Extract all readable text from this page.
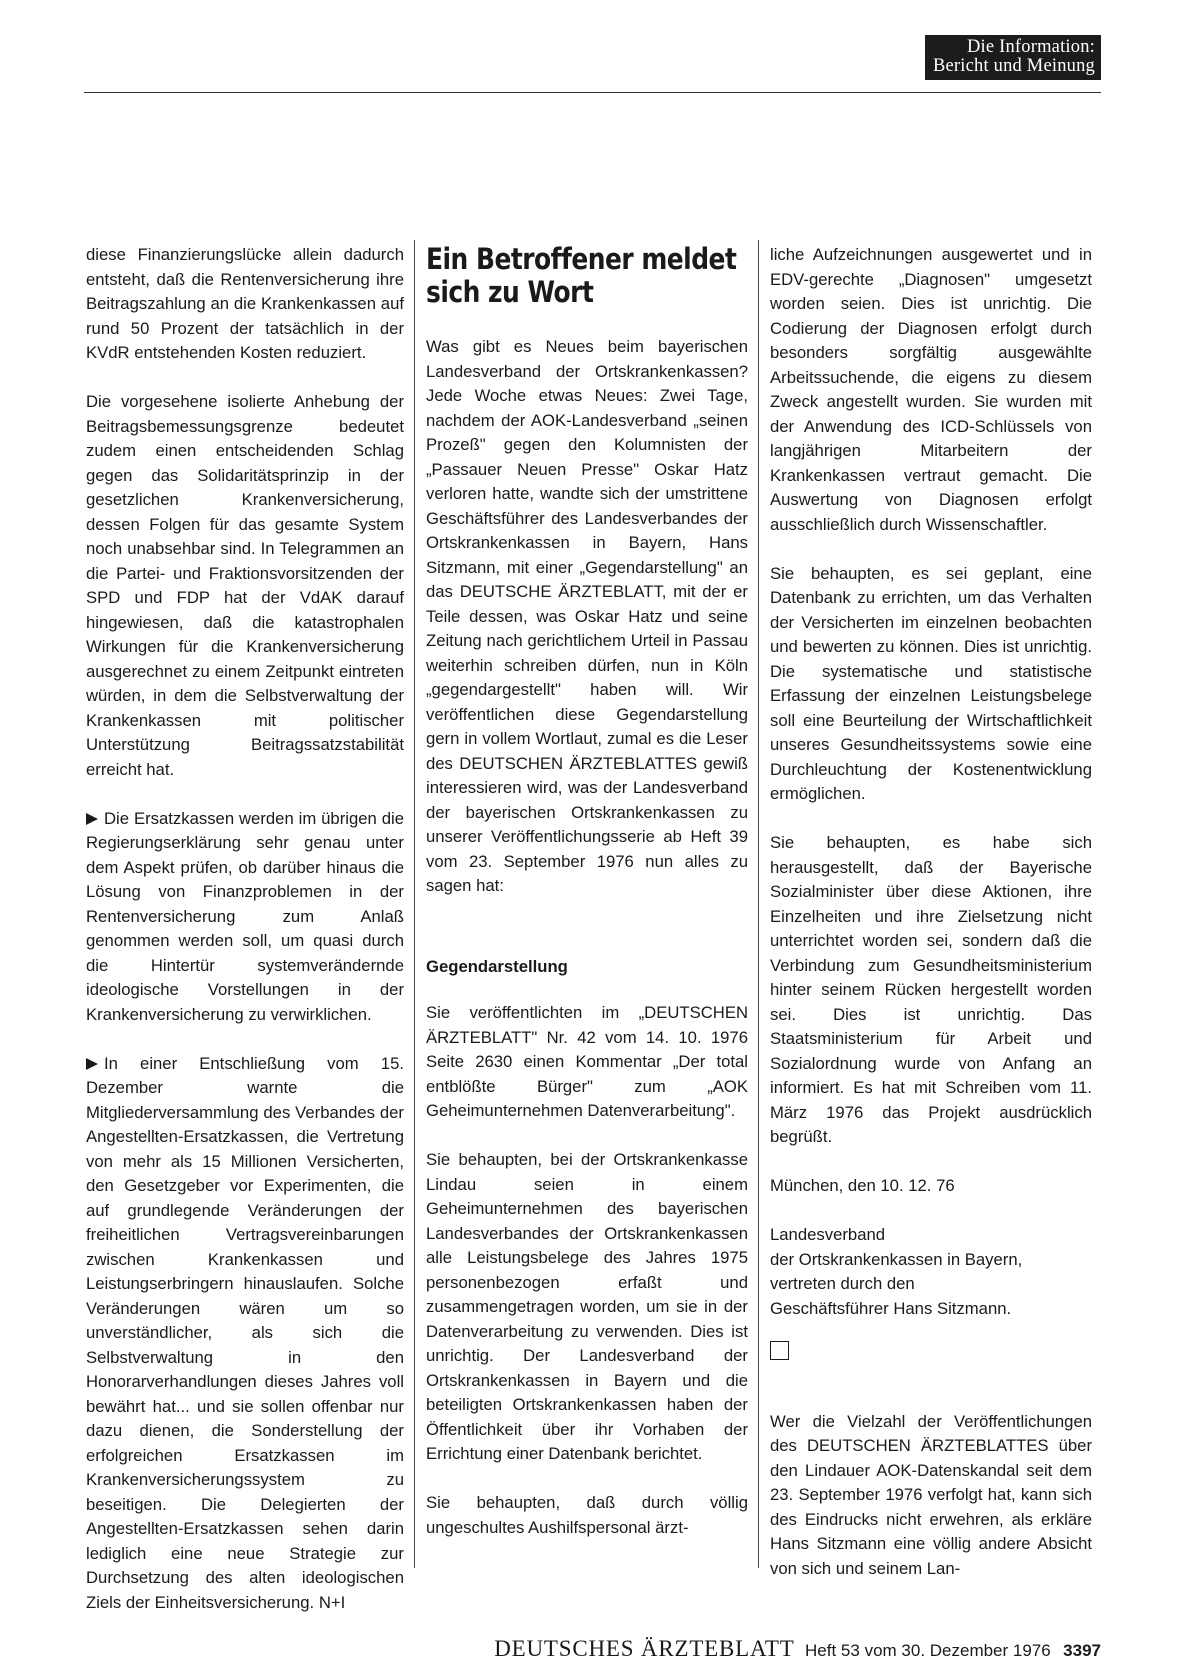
Die Information:
Bericht und Meinung

diese Finanzierungslücke allein dadurch entsteht, daß die Rentenversicherung ihre Beitragszahlung an die Krankenkassen auf rund 50 Prozent der tatsächlich in der KVdR entstehenden Kosten reduziert.

Die vorgesehene isolierte Anhebung der Beitragsbemessungsgrenze bedeutet zudem einen entscheidenden Schlag gegen das Solidaritätsprinzip in der gesetzlichen Krankenversicherung, dessen Folgen für das gesamte System noch unabsehbar sind. In Telegrammen an die Partei- und Fraktionsvorsitzenden der SPD und FDP hat der VdAK darauf hingewiesen, daß die katastrophalen Wirkungen für die Krankenversicherung ausgerechnet zu einem Zeitpunkt eintreten würden, in dem die Selbstverwaltung der Krankenkassen mit politischer Unterstützung Beitragssatzstabilität erreicht hat.

Die Ersatzkassen werden im übrigen die Regierungserklärung sehr genau unter dem Aspekt prüfen, ob darüber hinaus die Lösung von Finanzproblemen in der Rentenversicherung zum Anlaß genommen werden soll, um quasi durch die Hintertür systemverändernde ideologische Vorstellungen in der Krankenversicherung zu verwirklichen.

In einer Entschließung vom 15. Dezember warnte die Mitgliederversammlung des Verbandes der Angestellten-Ersatzkassen, die Vertretung von mehr als 15 Millionen Versicherten, den Gesetzgeber vor Experimenten, die auf grundlegende Veränderungen der freiheitlichen Vertragsvereinbarungen zwischen Krankenkassen und Leistungserbringern hinauslaufen. Solche Veränderungen wären um so unverständlicher, als sich die Selbstverwaltung in den Honorarverhandlungen dieses Jahres voll bewährt hat... und sie sollen offenbar nur dazu dienen, die Sonderstellung der erfolgreichen Ersatzkassen im Krankenversicherungssystem zu beseitigen. Die Delegierten der Angestellten-Ersatzkassen sehen darin lediglich eine neue Strategie zur Durchsetzung des alten ideologischen Ziels der Einheitsversicherung. N+I

Ein Betroffener meldet sich zu Wort

Was gibt es Neues beim bayerischen Landesverband der Ortskrankenkassen? Jede Woche etwas Neues: Zwei Tage, nachdem der AOK-Landesverband „seinen Prozeß" gegen den Kolumnisten der „Passauer Neuen Presse" Oskar Hatz verloren hatte, wandte sich der umstrittene Geschäftsführer des Landesverbandes der Ortskrankenkassen in Bayern, Hans Sitzmann, mit einer „Gegendarstellung" an das DEUTSCHE ÄRZTEBLATT, mit der er Teile dessen, was Oskar Hatz und seine Zeitung nach gerichtlichem Urteil in Passau weiterhin schreiben dürfen, nun in Köln „gegendargestellt" haben will. Wir veröffentlichen diese Gegendarstellung gern in vollem Wortlaut, zumal es die Leser des DEUTSCHEN ÄRZTEBLATTES gewiß interessieren wird, was der Landesverband der bayerischen Ortskrankenkassen zu unserer Veröffentlichungsserie ab Heft 39 vom 23. September 1976 nun alles zu sagen hat:

Gegendarstellung

Sie veröffentlichten im „DEUTSCHEN ÄRZTEBLATT" Nr. 42 vom 14. 10. 1976 Seite 2630 einen Kommentar „Der total entblößte Bürger" zum „AOK Geheimunternehmen Datenverarbeitung".

Sie behaupten, bei der Ortskrankenkasse Lindau seien in einem Geheimunternehmen des bayerischen Landesverbandes der Ortskrankenkassen alle Leistungsbelege des Jahres 1975 personenbezogen erfaßt und zusammengetragen worden, um sie in der Datenverarbeitung zu verwenden. Dies ist unrichtig. Der Landesverband der Ortskrankenkassen in Bayern und die beteiligten Ortskrankenkassen haben der Öffentlichkeit über ihr Vorhaben der Errichtung einer Datenbank berichtet.

Sie behaupten, daß durch völlig ungeschultes Aushilfspersonal ärzt-

liche Aufzeichnungen ausgewertet und in EDV-gerechte „Diagnosen" umgesetzt worden seien. Dies ist unrichtig. Die Codierung der Diagnosen erfolgt durch besonders sorgfältig ausgewählte Arbeitssuchende, die eigens zu diesem Zweck angestellt wurden. Sie wurden mit der Anwendung des ICD-Schlüssels von langjährigen Mitarbeitern der Krankenkassen vertraut gemacht. Die Auswertung von Diagnosen erfolgt ausschließlich durch Wissenschaftler.

Sie behaupten, es sei geplant, eine Datenbank zu errichten, um das Verhalten der Versicherten im einzelnen beobachten und bewerten zu können. Dies ist unrichtig. Die systematische und statistische Erfassung der einzelnen Leistungsbelege soll eine Beurteilung der Wirtschaftlichkeit unseres Gesundheitssystems sowie eine Durchleuchtung der Kostenentwicklung ermöglichen.

Sie behaupten, es habe sich herausgestellt, daß der Bayerische Sozialminister über diese Aktionen, ihre Einzelheiten und ihre Zielsetzung nicht unterrichtet worden sei, sondern daß die Verbindung zum Gesundheitsministerium hinter seinem Rücken hergestellt worden sei. Dies ist unrichtig. Das Staatsministerium für Arbeit und Sozialordnung wurde von Anfang an informiert. Es hat mit Schreiben vom 11. März 1976 das Projekt ausdrücklich begrüßt.

München, den 10. 12. 76

Landesverband
der Ortskrankenkassen in Bayern,
vertreten durch den
Geschäftsführer Hans Sitzmann.

Wer die Vielzahl der Veröffentlichungen des DEUTSCHEN ÄRZTEBLATTES über den Lindauer AOK-Datenskandal seit dem 23. September 1976 verfolgt hat, kann sich des Eindrucks nicht erwehren, als erkläre Hans Sitzmann eine völlig andere Absicht von sich und seinem Lan-

DEUTSCHES ÄRZTEBLATT Heft 53 vom 30. Dezember 1976 3397
